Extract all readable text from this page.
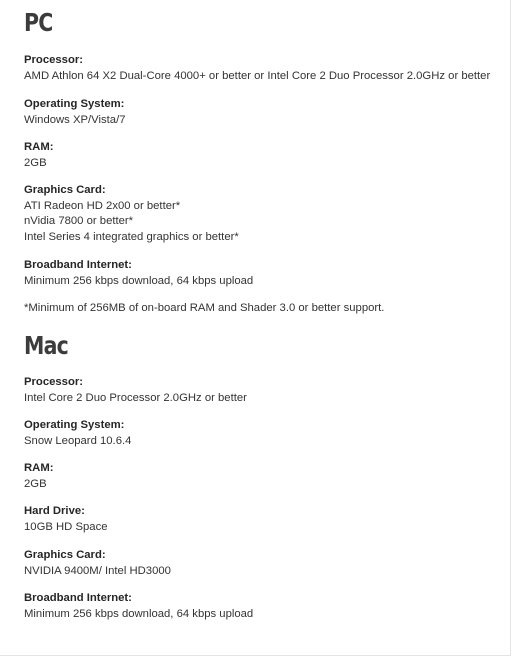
PC

Processor:
AMD Athlon 64 X2 Dual-Core 4000+ or better or Intel Core 2 Duo Processor 2.0GHz or better

Operating System:
Windows XP/Vista/7

RAM:
2GB

Graphics Card:
ATI Radeon HD 2x00 or better*
nVidia 7800 or better*
Intel Series 4 integrated graphics or better*

Broadband Internet:
Minimum 256 kbps download, 64 kbps upload

*Minimum of 256MB of on-board RAM and Shader 3.0 or better support.

Mac

Processor:
Intel Core 2 Duo Processor 2.0GHz or better

Operating System:
Snow Leopard 10.6.4

RAM:
2GB

Hard Drive:
10GB HD Space

Graphics Card:
NVIDIA 9400M/ Intel HD3000

Broadband Internet:
Minimum 256 kbps download, 64 kbps upload
